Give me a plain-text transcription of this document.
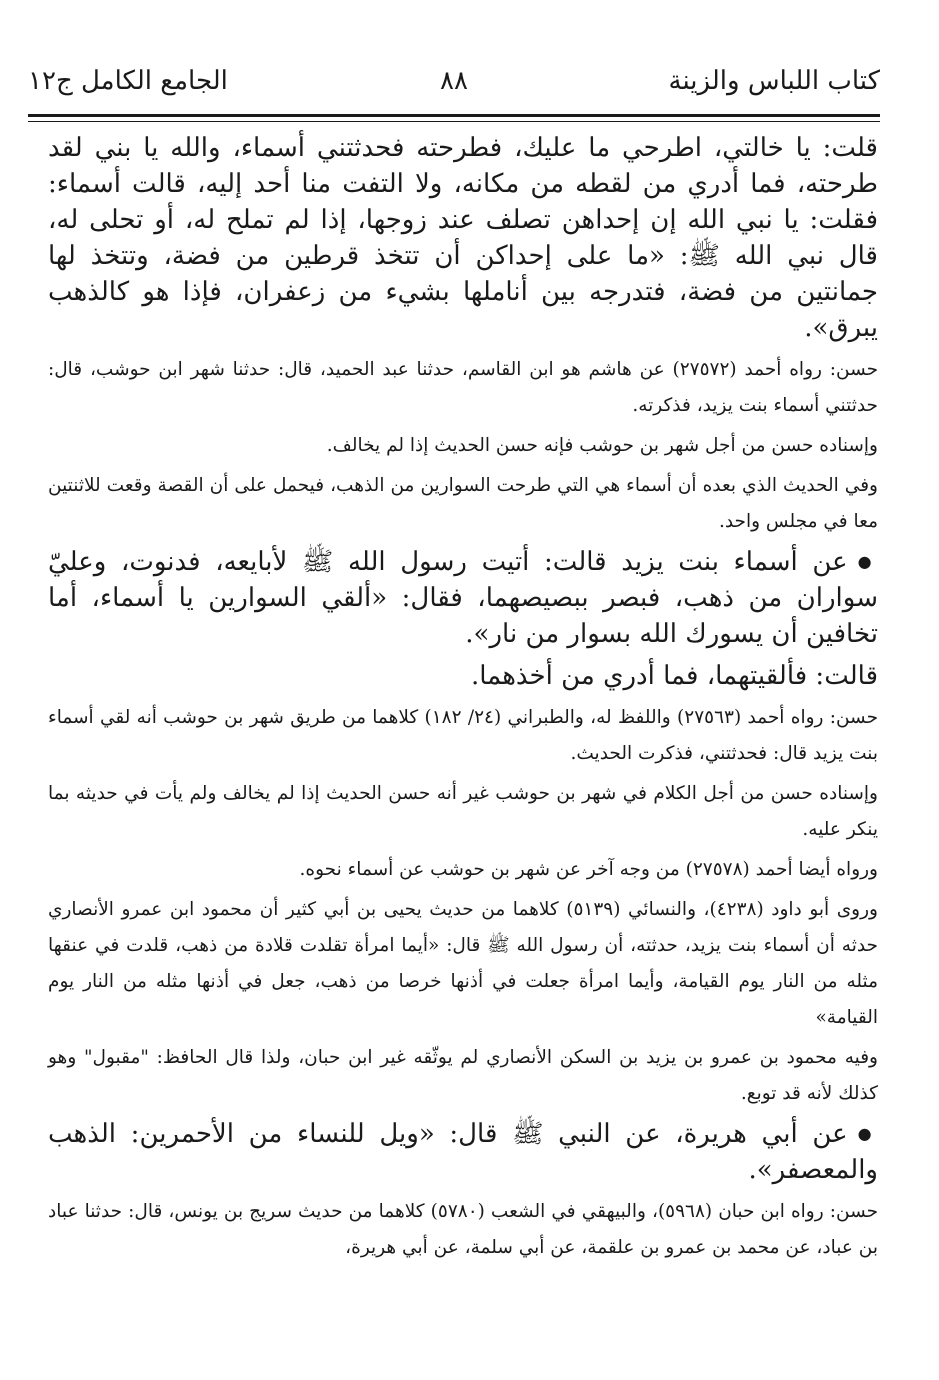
كتاب اللباس والزينة
٨٨
الجامع الكامل ج١٢

قلت: يا خالتي، اطرحي ما عليك، فطرحته فحدثتني أسماء، والله يا بني لقد طرحته، فما أدري من لقطه من مكانه، ولا التفت منا أحد إليه، قالت أسماء: فقلت: يا نبي الله إن إحداهن تصلف عند زوجها، إذا لم تملح له، أو تحلى له، قال نبي الله ﷺ: «ما على إحداكن أن تتخذ قرطين من فضة، وتتخذ لها جمانتين من فضة، فتدرجه بين أناملها بشيء من زعفران، فإذا هو كالذهب يبرق».

حسن: رواه أحمد (٢٧٥٧٢) عن هاشم هو ابن القاسم، حدثنا عبد الحميد، قال: حدثنا شهر ابن حوشب، قال: حدثتني أسماء بنت يزيد، فذكرته.

وإسناده حسن من أجل شهر بن حوشب فإنه حسن الحديث إذا لم يخالف.

وفي الحديث الذي بعده أن أسماء هي التي طرحت السوارين من الذهب، فيحمل على أن القصة وقعت للاثنتين معا في مجلس واحد.

● عن أسماء بنت يزيد قالت: أتيت رسول الله ﷺ لأبايعه، فدنوت، وعليّ سواران من ذهب، فبصر ببصيصهما، فقال: «ألقي السوارين يا أسماء، أما تخافين أن يسورك الله بسوار من نار».

قالت: فألقيتهما، فما أدري من أخذهما.

حسن: رواه أحمد (٢٧٥٦٣) واللفظ له، والطبراني (٢٤/ ١٨٢) كلاهما من طريق شهر بن حوشب أنه لقي أسماء بنت يزيد قال: فحدثتني، فذكرت الحديث.

وإسناده حسن من أجل الكلام في شهر بن حوشب غير أنه حسن الحديث إذا لم يخالف ولم يأت في حديثه بما ينكر عليه.

ورواه أيضا أحمد (٢٧٥٧٨) من وجه آخر عن شهر بن حوشب عن أسماء نحوه.

وروى أبو داود (٤٢٣٨)، والنسائي (٥١٣٩) كلاهما من حديث يحيى بن أبي كثير أن محمود ابن عمرو الأنصاري حدثه أن أسماء بنت يزيد، حدثته، أن رسول الله ﷺ قال: «أيما امرأة تقلدت قلادة من ذهب، قلدت في عنقها مثله من النار يوم القيامة، وأيما امرأة جعلت في أذنها خرصا من ذهب، جعل في أذنها مثله من النار يوم القيامة»

وفيه محمود بن عمرو بن يزيد بن السكن الأنصاري لم يوثّقه غير ابن حبان، ولذا قال الحافظ: "مقبول" وهو كذلك لأنه قد توبع.

● عن أبي هريرة، عن النبي ﷺ قال: «ويل للنساء من الأحمرين: الذهب والمعصفر».

حسن: رواه ابن حبان (٥٩٦٨)، والبيهقي في الشعب (٥٧٨٠) كلاهما من حديث سريج بن يونس، قال: حدثنا عباد بن عباد، عن محمد بن عمرو بن علقمة، عن أبي سلمة، عن أبي هريرة،
